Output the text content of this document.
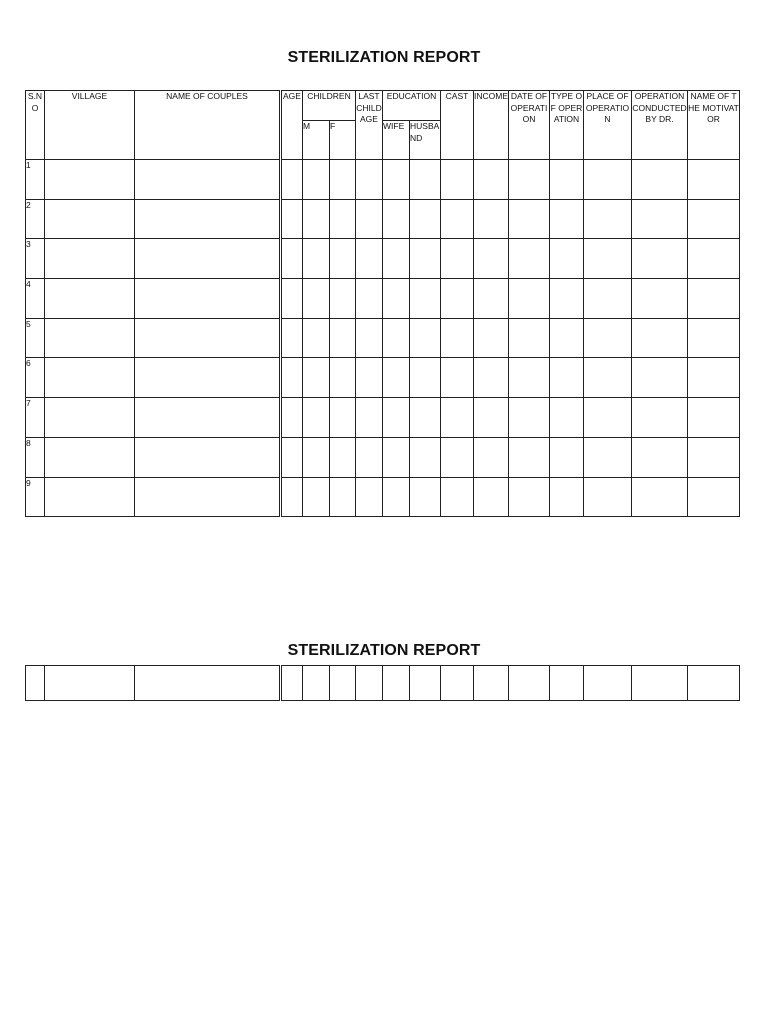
STERILIZATION REPORT
S.NO	VILLAGE	NAME OF COUPLES		AGE	CHILDREN		LAST CHILD AGE	EDUCATION		CAST	INCOME	DATE OF OPERATION	TYPE OF OPERATION	PLACE OF OPERATION	OPERATION CONDUCTED BY DR.	NAME OF THE MOTIVATOR
					M	F		WIFE	HUSBAND							
1																
2																
3																
4																
5																
6																
7																
8																
9																
STERILIZATION REPORT
